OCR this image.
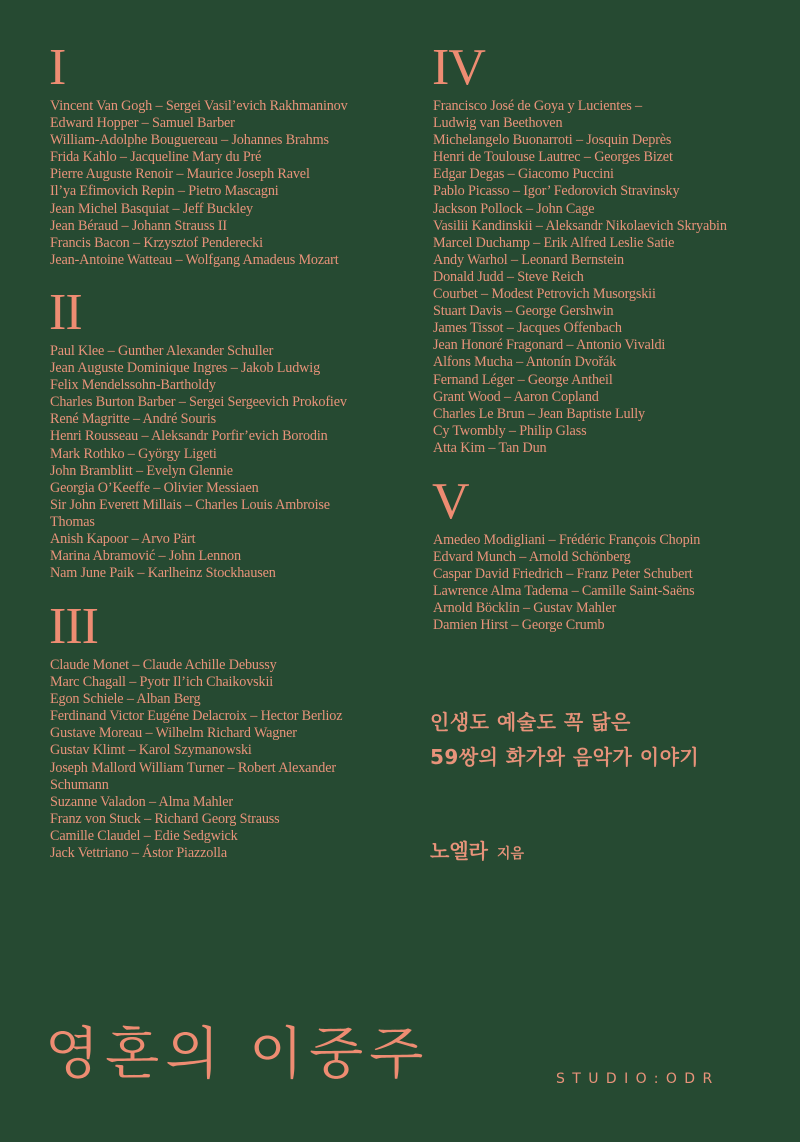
I
Vincent Van Gogh – Sergei Vasil’evich Rakhmaninov
Edward Hopper – Samuel Barber
William-Adolphe Bouguereau – Johannes Brahms
Frida Kahlo – Jacqueline Mary du Pré
Pierre Auguste Renoir – Maurice Joseph Ravel
Il’ya Efimovich Repin – Pietro Mascagni
Jean Michel Basquiat – Jeff Buckley
Jean Béraud – Johann Strauss II
Francis Bacon – Krzysztof Penderecki
Jean-Antoine Watteau – Wolfgang Amadeus Mozart
II
Paul Klee – Gunther Alexander Schuller
Jean Auguste Dominique Ingres – Jakob Ludwig
Felix Mendelssohn-Bartholdy
Charles Burton Barber – Sergei Sergeevich Prokofiev
René Magritte – André Souris
Henri Rousseau – Aleksandr Porfir’evich Borodin
Mark Rothko – György Ligeti
John Bramblitt – Evelyn Glennie
Georgia O’Keeffe – Olivier Messiaen
Sir John Everett Millais – Charles Louis Ambroise
Thomas
Anish Kapoor – Arvo Pärt
Marina Abramović – John Lennon
Nam June Paik – Karlheinz Stockhausen
III
Claude Monet – Claude Achille Debussy
Marc Chagall – Pyotr Il’ich Chaikovskii
Egon Schiele – Alban Berg
Ferdinand Victor Eugéne Delacroix – Hector Berlioz
Gustave Moreau – Wilhelm Richard Wagner
Gustav Klimt – Karol Szymanowski
Joseph Mallord William Turner – Robert Alexander
Schumann
Suzanne Valadon – Alma Mahler
Franz von Stuck – Richard Georg Strauss
Camille Claudel – Edie Sedgwick
Jack Vettriano – Ástor Piazzolla
IV
Francisco José de Goya y Lucientes –
Ludwig van Beethoven
Michelangelo Buonarroti – Josquin Deprès
Henri de Toulouse Lautrec – Georges Bizet
Edgar Degas – Giacomo Puccini
Pablo Picasso – Igor’ Fedorovich Stravinsky
Jackson Pollock – John Cage
Vasilii Kandinskii – Aleksandr Nikolaevich Skryabin
Marcel Duchamp – Erik Alfred Leslie Satie
Andy Warhol – Leonard Bernstein
Donald Judd – Steve Reich
Courbet – Modest Petrovich Musorgskii
Stuart Davis – George Gershwin
James Tissot – Jacques Offenbach
Jean Honoré Fragonard – Antonio Vivaldi
Alfons Mucha – Antonín Dvořák
Fernand Léger – George Antheil
Grant Wood – Aaron Copland
Charles Le Brun – Jean Baptiste Lully
Cy Twombly – Philip Glass
Atta Kim – Tan Dun
V
Amedeo Modigliani – Frédéric François Chopin
Edvard Munch – Arnold Schönberg
Caspar David Friedrich – Franz Peter Schubert
Lawrence Alma Tadema – Camille Saint-Saëns
Arnold Böcklin – Gustav Mahler
Damien Hirst – George Crumb

인생도 예술도 꼭 닮은

59쌍의 화가와 음악가 이야기

노엘라 지음
영혼의 이중주	STUDIO:ODR
